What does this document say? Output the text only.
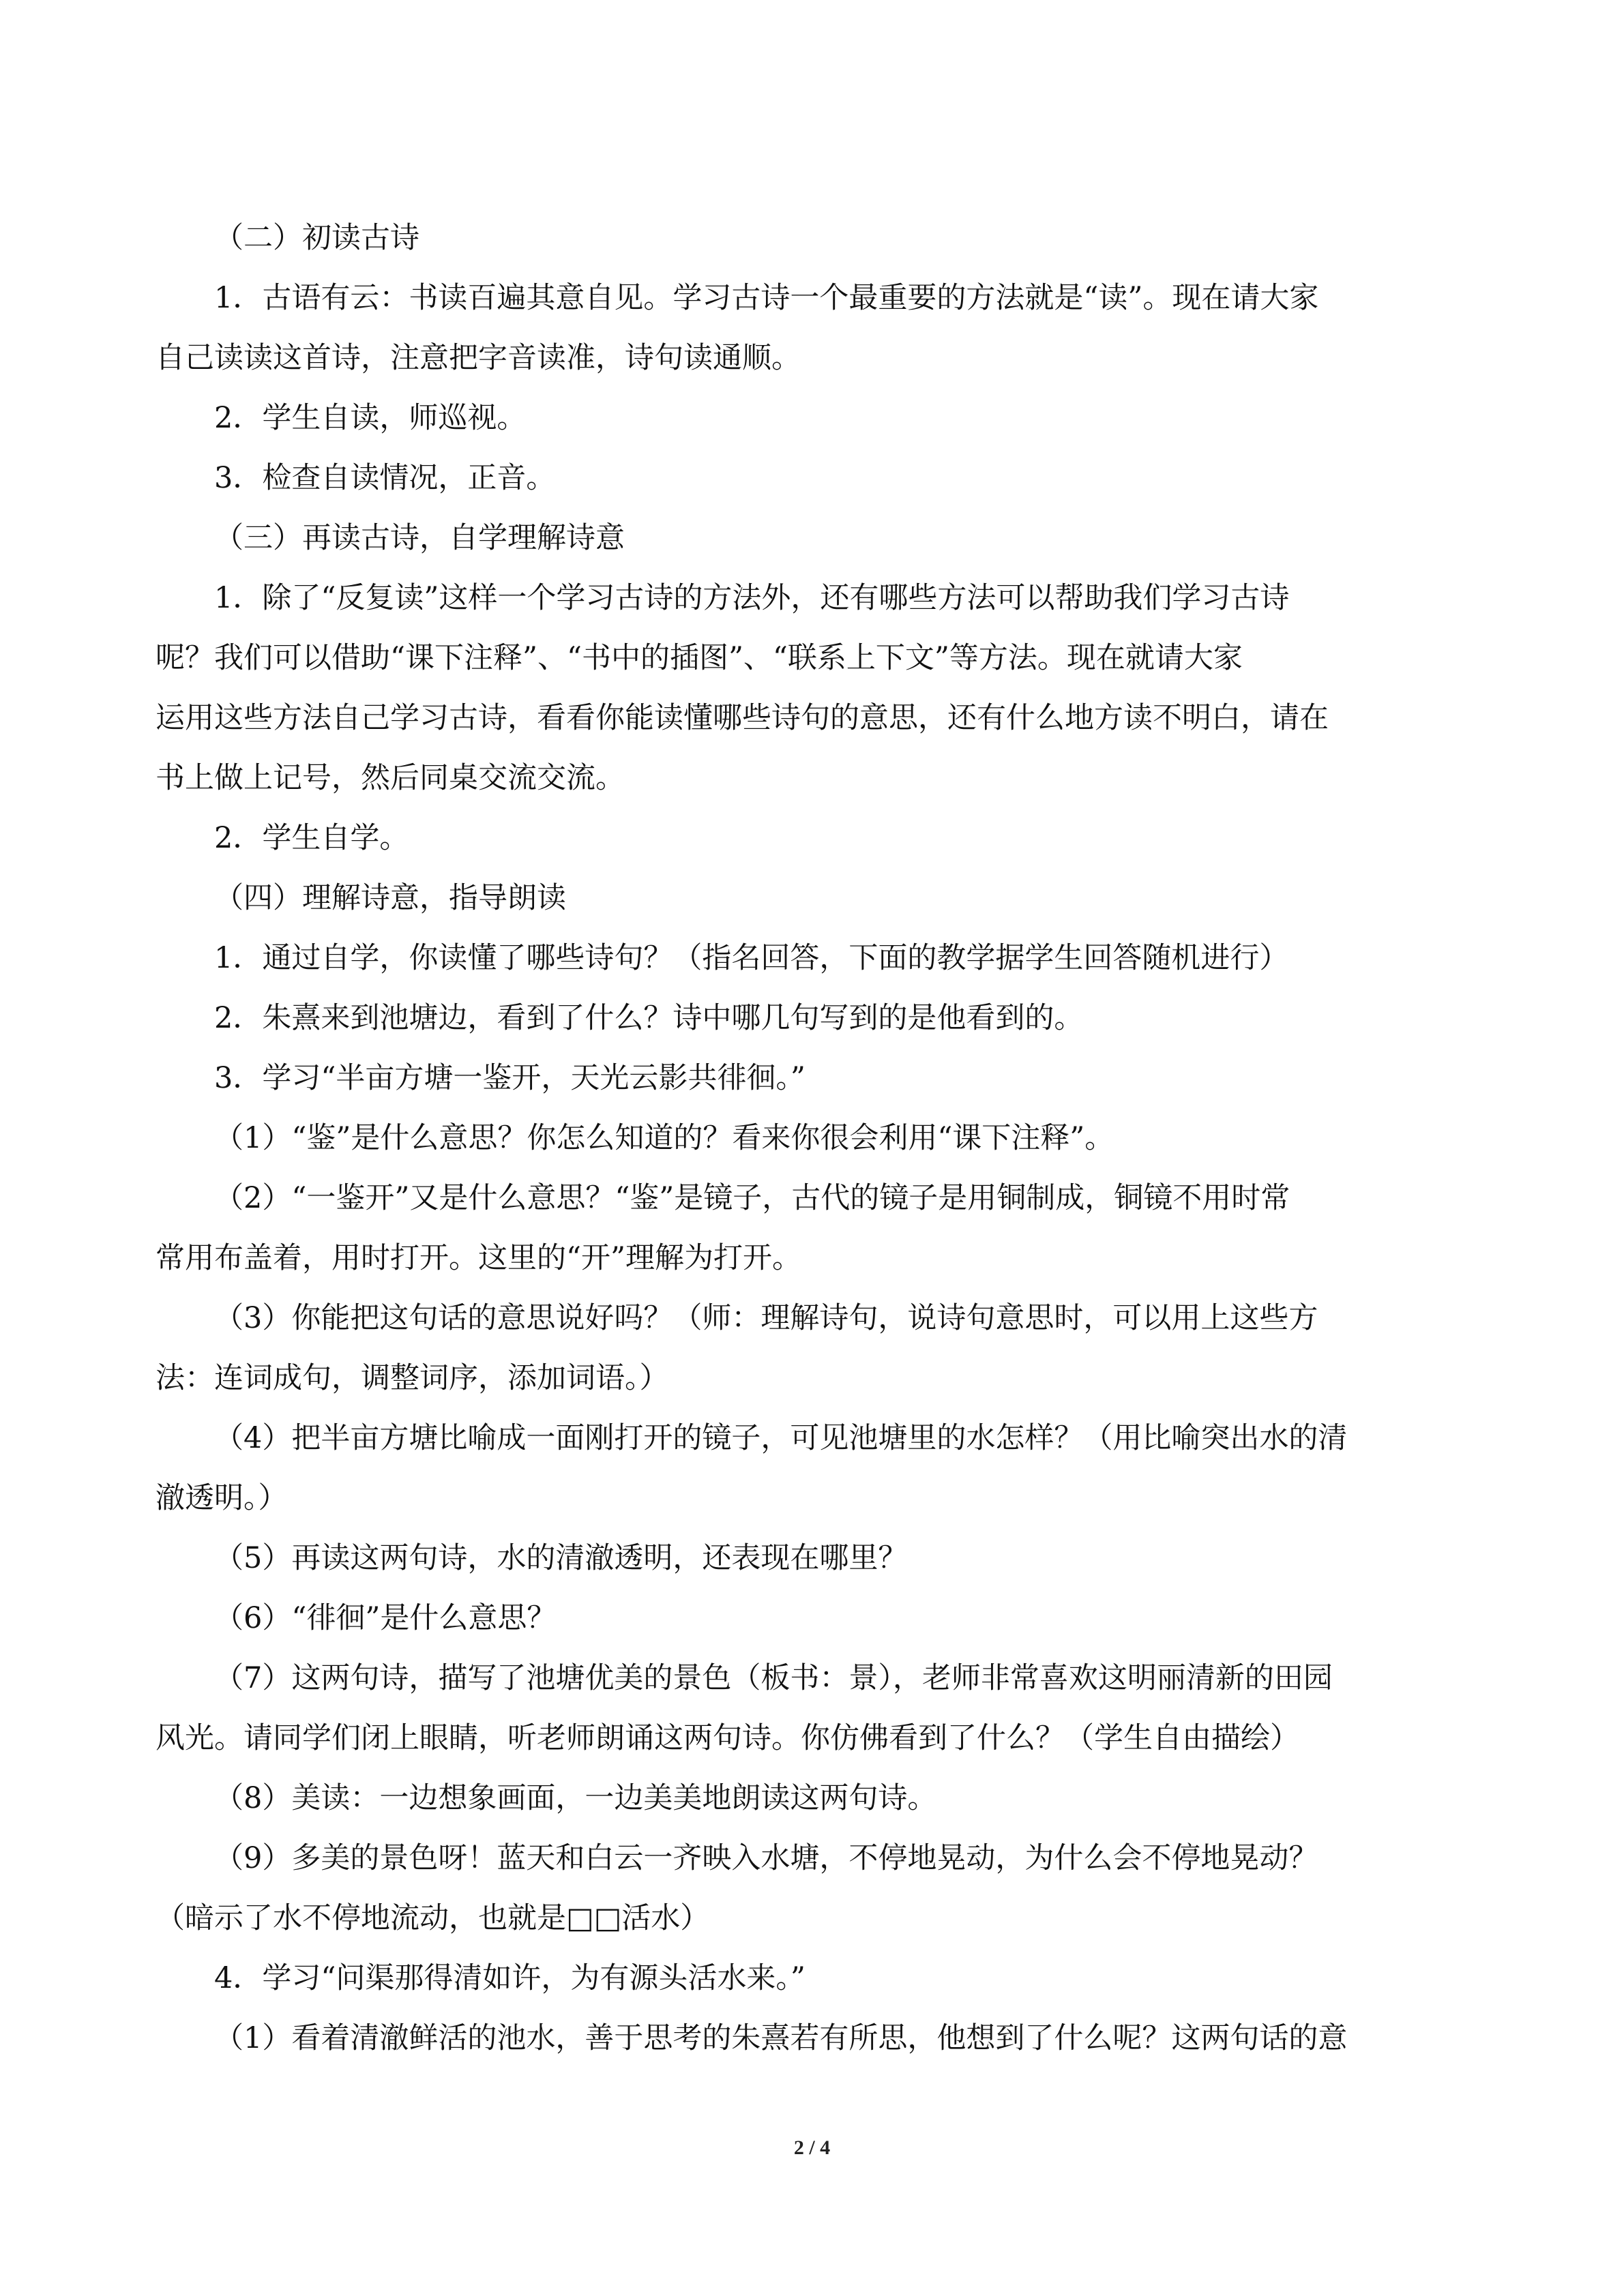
（二）初读古诗
1．古语有云：书读百遍其意自见。学习古诗一个最重要的方法就是“读”。现在请大家
自己读读这首诗，注意把字音读准，诗句读通顺。
2．学生自读，师巡视。
3．检查自读情况，正音。
（三）再读古诗，自学理解诗意
1．除了“反复读”这样一个学习古诗的方法外，还有哪些方法可以帮助我们学习古诗
呢？我们可以借助“课下注释”、“书中的插图”、“联系上下文”等方法。现在就请大家
运用这些方法自己学习古诗，看看你能读懂哪些诗句的意思，还有什么地方读不明白，请在
书上做上记号，然后同桌交流交流。
2．学生自学。
（四）理解诗意，指导朗读
1．通过自学，你读懂了哪些诗句？（指名回答，下面的教学据学生回答随机进行）
2．朱熹来到池塘边，看到了什么？诗中哪几句写到的是他看到的。
3．学习“半亩方塘一鉴开，天光云影共徘徊。”
（1）“鉴”是什么意思？你怎么知道的？看来你很会利用“课下注释”。
（2）“一鉴开”又是什么意思？“鉴”是镜子，古代的镜子是用铜制成，铜镜不用时常
常用布盖着，用时打开。这里的“开”理解为打开。
（3）你能把这句话的意思说好吗？（师：理解诗句，说诗句意思时，可以用上这些方
法：连词成句，调整词序，添加词语。）
（4）把半亩方塘比喻成一面刚打开的镜子，可见池塘里的水怎样？（用比喻突出水的清
澈透明。）
（5）再读这两句诗，水的清澈透明，还表现在哪里？
（6）“徘徊”是什么意思？
（7）这两句诗，描写了池塘优美的景色（板书：景），老师非常喜欢这明丽清新的田园
风光。请同学们闭上眼睛，听老师朗诵这两句诗。你仿佛看到了什么？（学生自由描绘）
（8）美读：一边想象画面，一边美美地朗读这两句诗。
（9）多美的景色呀！蓝天和白云一齐映入水塘，不停地晃动，为什么会不停地晃动？
（暗示了水不停地流动，也就是□□活水）
4．学习“问渠那得清如许，为有源头活水来。”
（1）看着清澈鲜活的池水，善于思考的朱熹若有所思，他想到了什么呢？这两句话的意
2 / 4
